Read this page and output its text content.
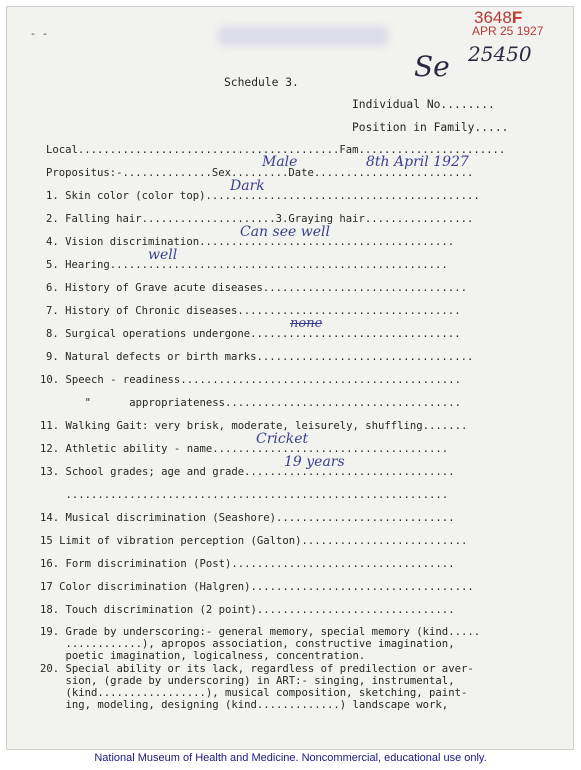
- -
3648F
APR 25 1927
Se 25450
Schedule 3.
Individual No........
Position in Family.....
Local.........................................Fam.......................
Propositus:-..............Sex.........Date.........................
Male	8th April 1927
1. Skin color (color top)...........................................
Dark
2. Falling hair.....................3.Graying hair.................
4. Vision discrimination........................................
Can see well
5. Hearing.....................................................
well
6. History of Grave acute diseases................................
7. History of Chronic diseases...................................
8. Surgical operations undergone.................................
none
9. Natural defects or birth marks..................................
10. Speech - readiness............................................
"      appropriateness.....................................
11. Walking Gait: very brisk, moderate, leisurely, shuffling.......
12. Athletic ability - name.....................................
Cricket
13. School grades; age and grade.................................
19 years
............................................................
14. Musical discrimination (Seashore)............................
15 Limit of vibration perception (Galton)..........................
16. Form discrimination (Post)...................................
17 Color discrimination (Halgren)...................................
18. Touch discrimination (2 point)...............................
19. Grade by underscoring:- general memory, special memory (kind.....
............), apropos association, constructive imagination,
poetic imagination, logicalness, concentration.
20. Special ability or its lack, regardless of predilection or aver-
sion, (grade by underscoring) in ART:- singing, instrumental,
(kind.................), musical composition, sketching, paint-
ing, modeling, designing (kind.............) landscape work,
National Museum of Health and Medicine. Noncommercial, educational use only.
